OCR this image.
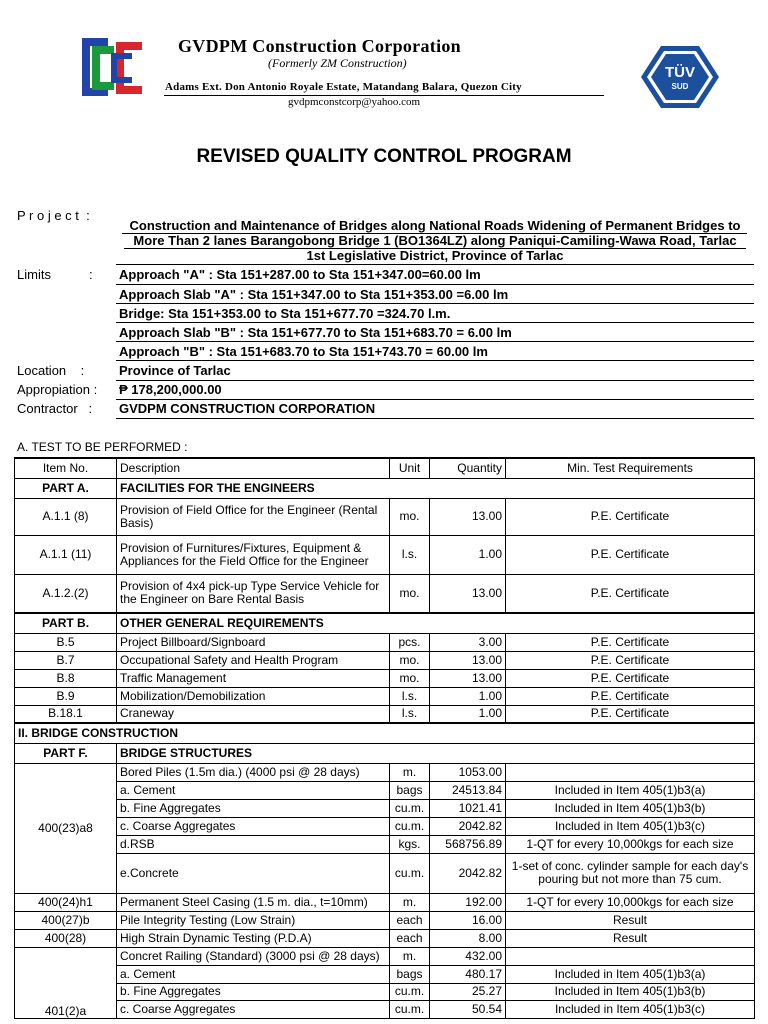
GVDPM Construction Corporation
(Formerly ZM Construction)
Adams Ext. Don Antonio Royale Estate, Matandang Balara, Quezon City
gvdpmconstcorp@yahoo.com
TÜV
SUD
REVISED QUALITY CONTROL PROGRAM
P r o j e c t  :
Construction and Maintenance of Bridges along National Roads Widening of Permanent Bridges to
More Than 2 lanes Barangobong Bridge 1 (BO1364LZ) along Paniqui-Camiling-Wawa Road, Tarlac
1st Legislative District, Province of Tarlac
Limits	: Approach "A" : Sta 151+287.00 to Sta 151+347.00=60.00 lm
Approach Slab "A" : Sta 151+347.00 to Sta 151+353.00 =6.00 lm
Bridge: Sta 151+353.00 to Sta 151+677.70 =324.70 l.m.
Approach Slab "B" : Sta 151+677.70 to Sta 151+683.70 = 6.00 lm
Approach "B" : Sta 151+683.70 to Sta 151+743.70 = 60.00 lm
Location    :	Province of Tarlac
Appropiation : ₱ 178,200,000.00
Contractor   : GVDPM CONSTRUCTION CORPORATION
A. TEST TO BE PERFORMED :
Item No.	Description	Unit	Quantity	Min. Test Requirements
PART A.	FACILITIES FOR THE ENGINEERS			
A.1.1 (8)	Provision of Field Office for the Engineer (Rental Basis)	mo.	13.00	P.E. Certificate
A.1.1 (11)	Provision of Furnitures/Fixtures, Equipment & Appliances for the Field Office for the Engineer	l.s.	1.00	P.E. Certificate
A.1.2.(2)	Provision of 4x4 pick-up Type Service Vehicle for the Engineer on Bare Rental Basis	mo.	13.00	P.E. Certificate
PART B.	OTHER GENERAL REQUIREMENTS			
B.5	Project Billboard/Signboard	pcs.	3.00	P.E. Certificate
B.7	Occupational Safety and Health Program	mo.	13.00	P.E. Certificate
B.8	Traffic Management	mo.	13.00	P.E. Certificate
B.9	Mobilization/Demobilization	l.s.	1.00	P.E. Certificate
B.18.1	Craneway	l.s.	1.00	P.E. Certificate
II. BRIDGE CONSTRUCTION				
PART F.	BRIDGE STRUCTURES			
400(23)a8	Bored Piles (1.5m dia.) (4000 psi @ 28 days)	m.	1053.00	
	a. Cement	bags	24513.84	Included in Item 405(1)b3(a)
	b. Fine Aggregates	cu.m.	1021.41	Included in Item 405(1)b3(b)
	c. Coarse Aggregates	cu.m.	2042.82	Included in Item 405(1)b3(c)
	d.RSB	kgs.	568756.89	1-QT for every 10,000kgs for each size
	e.Concrete	cu.m.	2042.82	1-set of conc. cylinder sample for each day's pouring but not more than 75 cum.
400(24)h1	Permanent Steel Casing (1.5 m. dia., t=10mm)	m.	192.00	1-QT for every 10,000kgs for each size
400(27)b	Pile Integrity Testing (Low Strain)	each	16.00	Result
400(28)	High Strain Dynamic Testing (P.D.A)	each	8.00	Result
401(2)a	Concret Railing (Standard) (3000 psi @ 28 days)	m.	432.00	
	a. Cement	bags	480.17	Included in Item 405(1)b3(a)
	b. Fine Aggregates	cu.m.	25.27	Included in Item 405(1)b3(b)
	c. Coarse Aggregates	cu.m.	50.54	Included in Item 405(1)b3(c)
